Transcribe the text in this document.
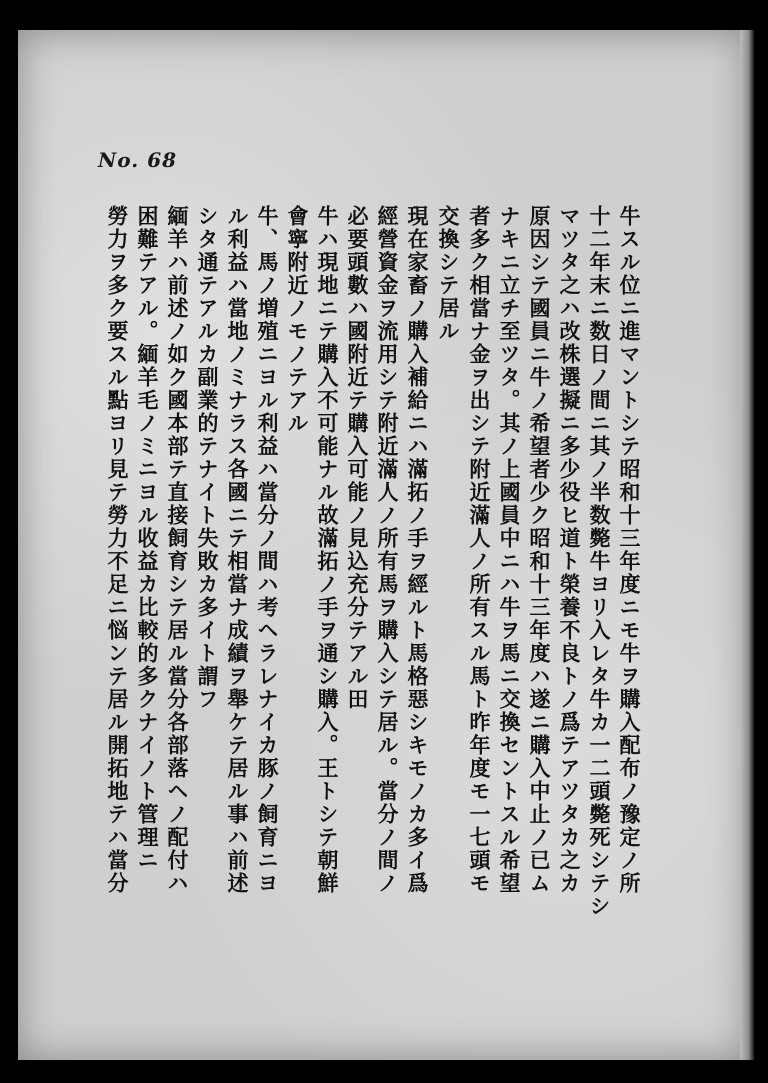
No. 68
牛スル位ニ進マントシテ昭和十三年度ニモ牛ヲ購入配布ノ豫定ノ所
十二年末ニ数日ノ間ニ其ノ半数斃牛ヨリ入レタ牛カ一二頭斃死シテシ
マツタ之ハ改株選擬ニ多少役ヒ道ト榮養不良トノ爲テアツタカ之カ
原因シテ國員ニ牛ノ希望者少ク昭和十三年度ハ遂ニ購入中止ノ已ム
ナキニ立チ至ツタ。其ノ上國員中ニハ牛ヲ馬ニ交換セントスル希望
者多ク相當ナ金ヲ出シテ附近滿人ノ所有スル馬ト昨年度モ一七頭モ
交換シテ居ル
現在家畜ノ購入補給ニハ滿拓ノ手ヲ經ルト馬格惡シキモノカ多イ爲
經營資金ヲ流用シテ附近滿人ノ所有馬ヲ購入シテ居ル。當分ノ間ノ
必要頭數ハ國附近テ購入可能ノ見込充分テアル田
牛ハ現地ニテ購入不可能ナル故滿拓ノ手ヲ通シ購入。王トシテ朝鮮
會寧附近ノモノテアル
牛、馬ノ増殖ニヨル利益ハ當分ノ間ハ考ヘラレナイカ豚ノ飼育ニヨ
ル利益ハ當地ノミナラス各國ニテ相當ナ成績ヲ舉ケテ居ル事ハ前述
シタ通テアルカ副業的テナイト失敗カ多イト謂フ
緬羊ハ前述ノ如ク國本部テ直接飼育シテ居ル當分各部落ヘノ配付ハ
困難テアル。緬羊毛ノミニヨル收益カ比較的多クナイノト管理ニ
勞力ヲ多ク要スル點ヨリ見テ勞力不足ニ悩ンテ居ル開拓地テハ當分
